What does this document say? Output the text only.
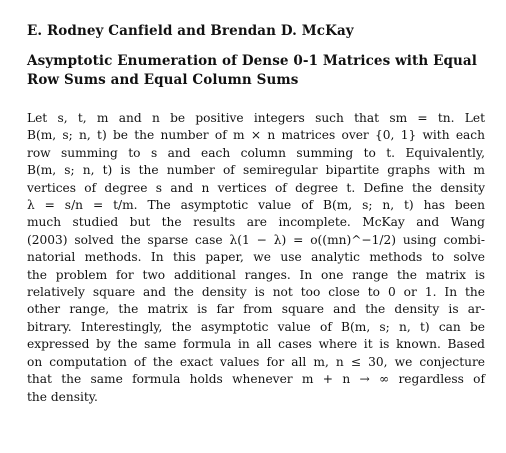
E. Rodney Canfield and Brendan D. McKay
Asymptotic Enumeration of Dense 0-1 Matrices with Equal
Row Sums and Equal Column Sums
Let s, t, m and n be positive integers such that sm = tn. Let
B(m, s; n, t) be the number of m × n matrices over {0, 1} with each
row summing to s and each column summing to t. Equivalently,
B(m, s; n, t) is the number of semiregular bipartite graphs with m
vertices of degree s and n vertices of degree t. Define the density
λ = s/n = t/m. The asymptotic value of B(m, s; n, t) has been
much studied but the results are incomplete. McKay and Wang
(2003) solved the sparse case λ(1 − λ) = o((mn)^−1/2) using combi-
natorial methods. In this paper, we use analytic methods to solve
the problem for two additional ranges. In one range the matrix is
relatively square and the density is not too close to 0 or 1. In the
other range, the matrix is far from square and the density is ar-
bitrary. Interestingly, the asymptotic value of B(m, s; n, t) can be
expressed by the same formula in all cases where it is known. Based
on computation of the exact values for all m, n ≤ 30, we conjecture
that the same formula holds whenever m + n → ∞ regardless of
the density.
